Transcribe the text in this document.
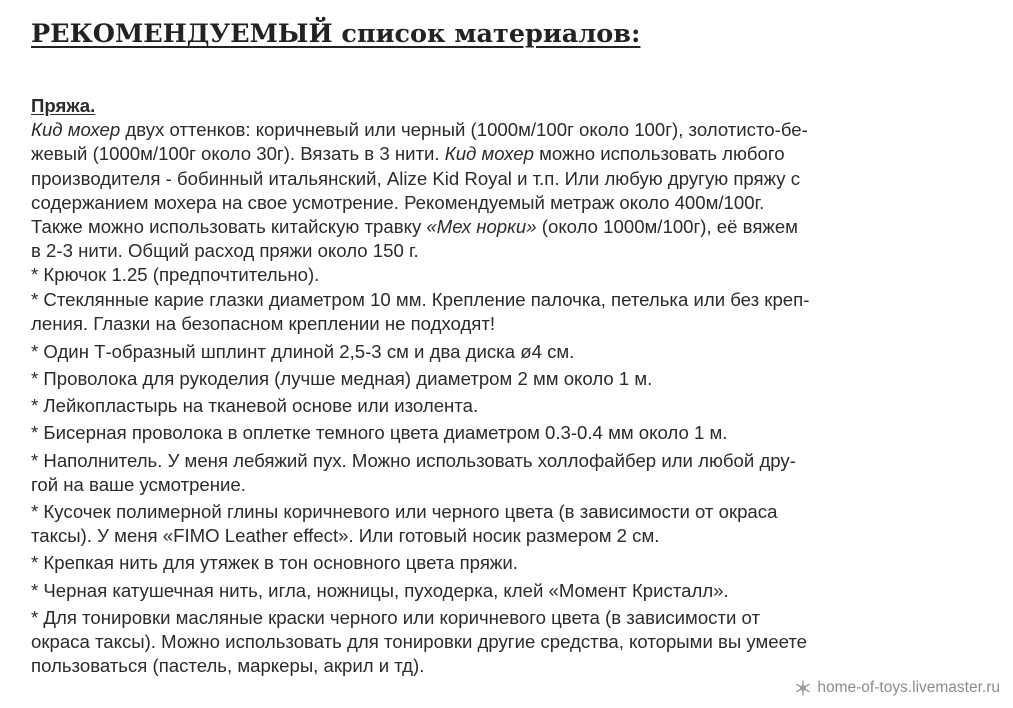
РЕКОМЕНДУЕМЫЙ список материалов:
Пряжа.
Кид мохер двух оттенков: коричневый или черный (1000м/100г около 100г), золотисто-бе-
жевый (1000м/100г около 30г). Вязать в 3 нити. Кид мохер можно использовать любого
производителя - бобинный итальянский, Alize Kid Royal и т.п. Или любую другую пряжу с
содержанием мохера на свое усмотрение. Рекомендуемый метраж около 400м/100г.
Также можно использовать китайскую травку «Мех норки» (около 1000м/100г), её вяжем
в 2-3 нити. Общий расход пряжи около 150 г.
* Крючок 1.25 (предпочтительно).
* Стеклянные карие глазки диаметром 10 мм. Крепление палочка, петелька или без креп-
ления. Глазки на безопасном креплении не подходят!
* Один Т-образный шплинт длиной 2,5-3 см и два диска ø4 см.
* Проволока для рукоделия (лучше медная) диаметром 2 мм около 1 м.
* Лейкопластырь на тканевой основе или изолента.
* Бисерная проволока в оплетке темного цвета диаметром 0.3-0.4 мм около 1 м.
* Наполнитель. У меня лебяжий пух. Можно использовать холлофайбер или любой дру-
гой на ваше усмотрение.
* Кусочек полимерной глины коричневого или черного цвета (в зависимости от окраса
таксы). У меня «FIMO Leather effect». Или готовый носик размером 2 см.
* Крепкая нить для утяжек в тон основного цвета пряжи.
* Черная катушечная нить, игла, ножницы, пуходерка, клей «Момент Кристалл».
* Для тонировки масляные краски черного или коричневого цвета (в зависимости от
окраса таксы). Можно использовать для тонировки другие средства, которыми вы умеете
пользоваться (пастель, маркеры, акрил и тд).
home-of-toys.livemaster.ru
